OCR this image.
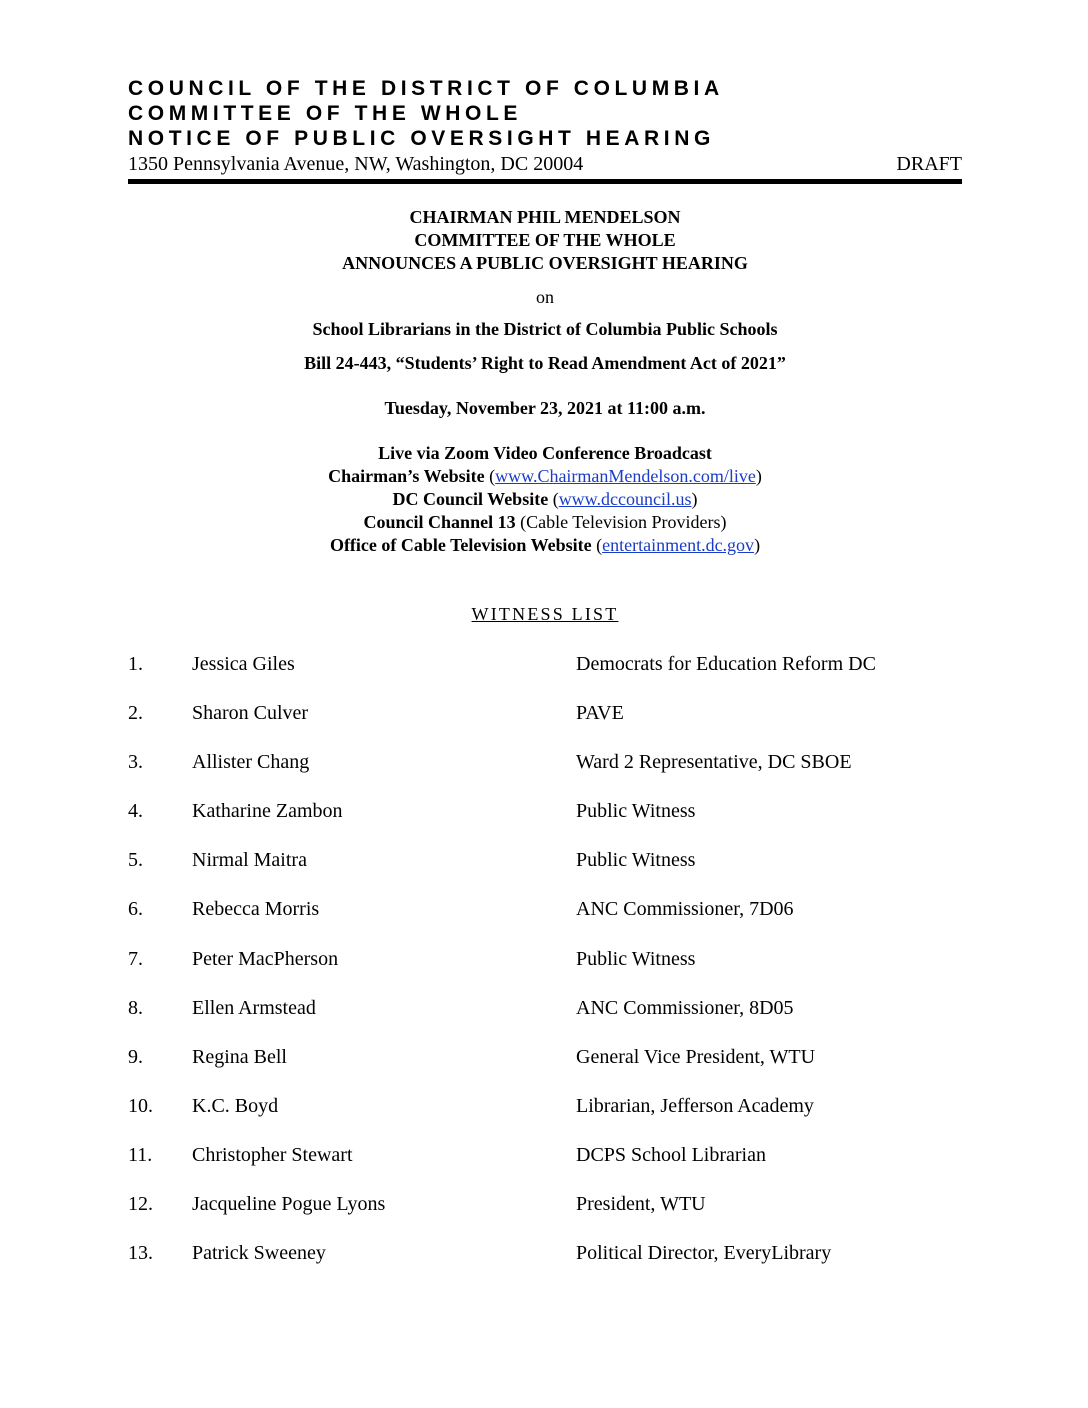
COUNCIL OF THE DISTRICT OF COLUMBIA
COMMITTEE OF THE WHOLE
NOTICE OF PUBLIC OVERSIGHT HEARING
1350 Pennsylvania Avenue, NW, Washington, DC 20004	DRAFT
CHAIRMAN PHIL MENDELSON
COMMITTEE OF THE WHOLE
ANNOUNCES A PUBLIC OVERSIGHT HEARING
on
School Librarians in the District of Columbia Public Schools
Bill 24-443, “Students’ Right to Read Amendment Act of 2021”
Tuesday, November 23, 2021 at 11:00 a.m.
Live via Zoom Video Conference Broadcast
Chairman’s Website (www.ChairmanMendelson.com/live)
DC Council Website (www.dccouncil.us)
Council Channel 13 (Cable Television Providers)
Office of Cable Television Website (entertainment.dc.gov)
WITNESS LIST
1. Jessica Giles	Democrats for Education Reform DC
2. Sharon Culver	PAVE
3. Allister Chang	Ward 2 Representative, DC SBOE
4. Katharine Zambon	Public Witness
5. Nirmal Maitra	Public Witness
6. Rebecca Morris	ANC Commissioner, 7D06
7. Peter MacPherson	Public Witness
8. Ellen Armstead	ANC Commissioner, 8D05
9. Regina Bell	General Vice President, WTU
10. K.C. Boyd	Librarian, Jefferson Academy
11. Christopher Stewart	DCPS School Librarian
12. Jacqueline Pogue Lyons	President, WTU
13. Patrick Sweeney	Political Director, EveryLibrary
